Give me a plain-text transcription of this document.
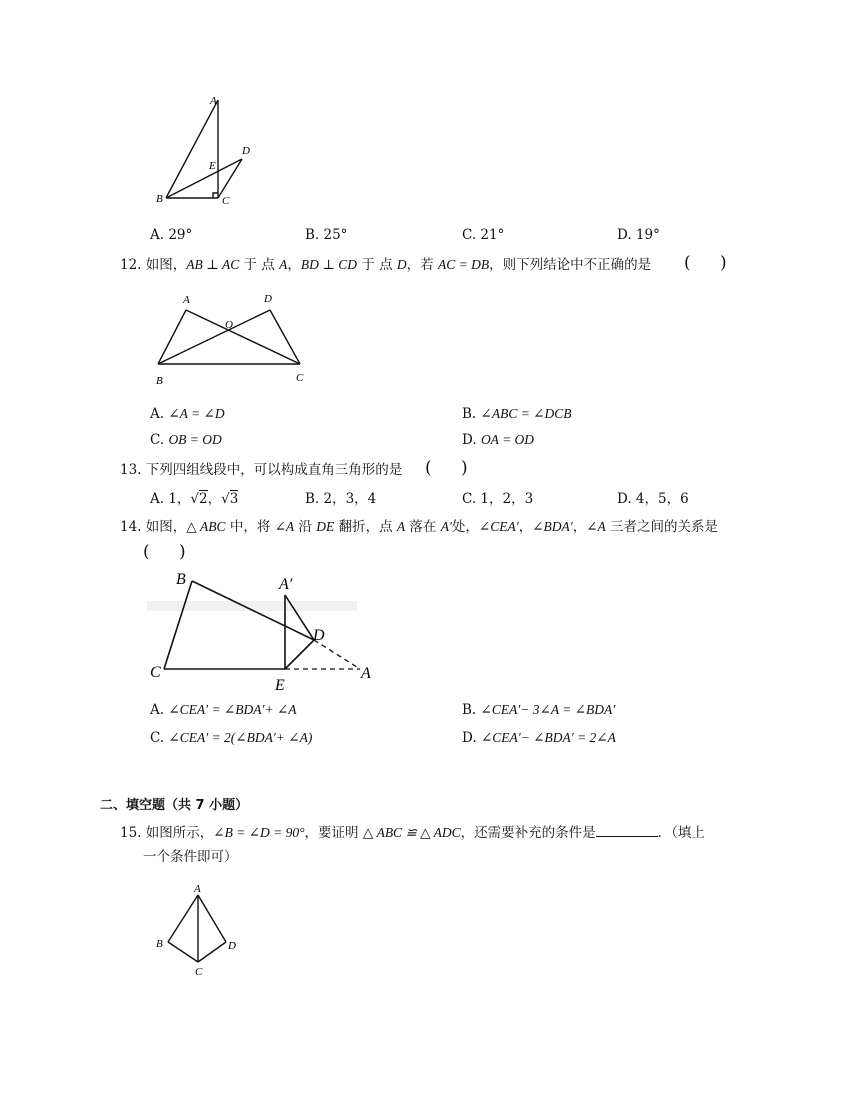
A
B	C
D
E
A. 29°	B. 25°	C. 21°	D. 19°
12. 如图，AB ⊥ AC 于 点 A，BD ⊥ CD 于 点 D，若 AC = DB，则下列结论中不正确的是 ( )
A	D
O
B	C
A. ∠A = ∠D	B. ∠ABC = ∠DCB
C. OB = OD	D. OA = OD
13. 下列四组线段中，可以构成直角三角形的是 ( )
A. 1，√2，√3	B. 2，3，4	C. 1，2，3	D. 4，5，6
14. 如图，△ ABC 中，将 ∠A 沿 DE 翻折，点 A 落在 A′处，∠CEA′，∠BDA′，∠A 三者之间的关系是
( )
B	A′
D
C
E
A
A. ∠CEA′ = ∠BDA′+ ∠A	B. ∠CEA′− 3∠A = ∠BDA′
C. ∠CEA′ = 2(∠BDA′+ ∠A)	D. ∠CEA′− ∠BDA′ = 2∠A
二、填空题（共 7 小题）
15. 如图所示，∠B = ∠D = 90°，要证明 △ ABC ≌ △ ADC，还需要补充的条件是	．（填上
一个条件即可）
A
B	D
C
